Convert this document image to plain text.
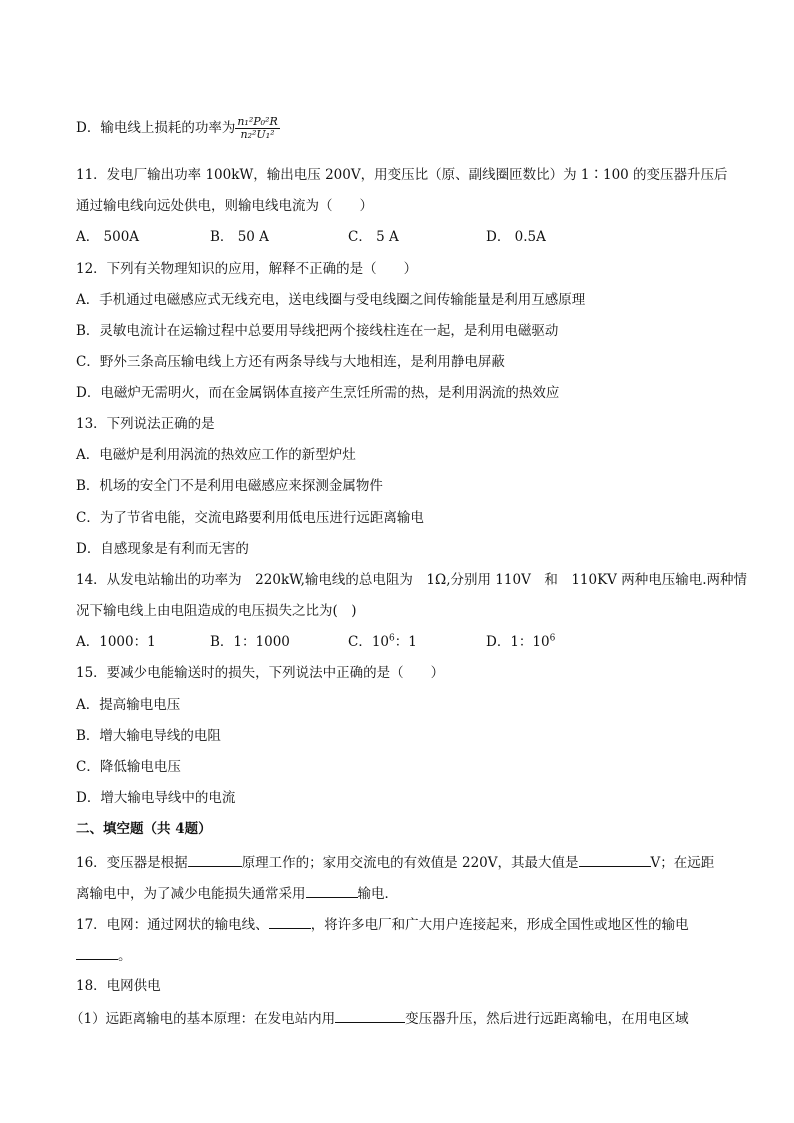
D．输电线上损耗的功率为 $\frac{\text{n₁²P₀²R}}{\text{n₂²U₁²}}$
11．发电厂输出功率 100kW，输出电压 200V，用变压比（原、副线圈匝数比）为 1∶100 的变压器升压后
通过输电线向远处供电，则输电线电流为（　　）
A． 500A	B． 50 A	C． 5 A	D． 0.5A
12．下列有关物理知识的应用，解释不正确的是（　　）
A．手机通过电磁感应式无线充电，送电线圈与受电线圈之间传输能量是利用互感原理
B．灵敏电流计在运输过程中总要用导线把两个接线柱连在一起，是利用电磁驱动
C．野外三条高压输电线上方还有两条导线与大地相连，是利用静电屏蔽
D．电磁炉无需明火，而在金属锅体直接产生烹饪所需的热，是利用涡流的热效应
13．下列说法正确的是
A．电磁炉是利用涡流的热效应工作的新型炉灶
B．机场的安全门不是利用电磁感应来探测金属物件
C．为了节省电能，交流电路要利用低电压进行远距离输电
D．自感现象是有利而无害的
14．从发电站输出的功率为　220kW,输电线的总电阻为　1Ω,分别用 110V　和　110KV 两种电压输电.两种情
况下输电线上由电阻造成的电压损失之比为(　)
A．1000：1	B．1：1000	C．$10^6$：1	D．1：$10^6$
15．要减少电能输送时的损失，下列说法中正确的是（　　）
A．提高输电电压
B．增大输电导线的电阻
C．降低输电电压
D．增大输电导线中的电流
二、填空题（共 4题）
16．变压器是根据	原理工作的；家用交流电的有效值是 220V，其最大值是	V；在远距
离输电中，为了减少电能损失通常采用	输电．
17．电网：通过网状的输电线、	，将许多电厂和广大用户连接起来，形成全国性或地区性的输电
。
18．电网供电
（1）远距离输电的基本原理：在发电站内用	变压器升压，然后进行远距离输电，在用电区域
